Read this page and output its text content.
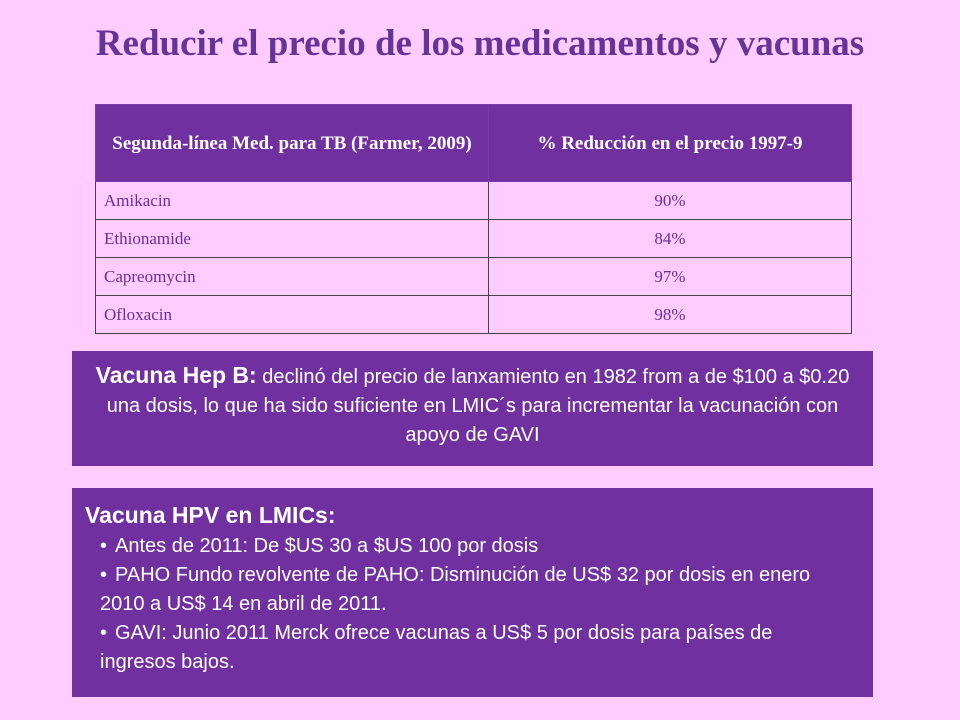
Reducir el precio de los medicamentos y vacunas
Segunda-línea Med. para TB (Farmer, 2009)	% Reducción en el precio 1997-9
Amikacin	90%
Ethionamide	84%
Capreomycin	97%
Ofloxacin	98%
Vacuna Hep B: declinó del precio de lanxamiento en 1982 from a de $100 a $0.20 una dosis, lo que ha sido suficiente en LMIC´s para incrementar la vacunación con apoyo de GAVI
Vacuna HPV en LMICs:
• Antes de 2011: De $US 30 a $US 100 por dosis
• PAHO Fundo revolvente de PAHO: Disminución de US$ 32 por dosis en enero 2010 a US$ 14 en abril de 2011.
• GAVI: Junio 2011 Merck ofrece vacunas a US$ 5 por dosis para países de ingresos bajos.
